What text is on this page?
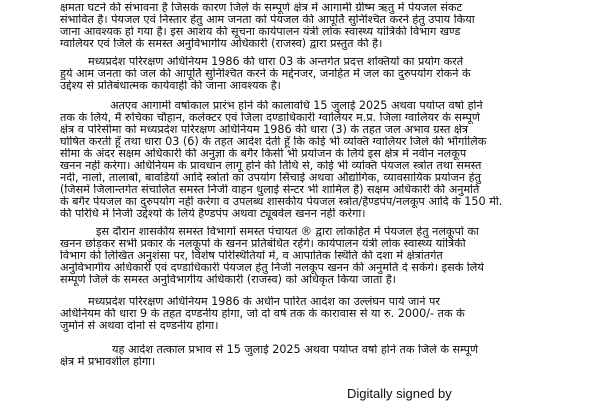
क्षमता घटने की संभावना है जिसके कारण जिले के सम्पूर्ण क्षेत्र में आगामी ग्रीष्म ऋतु में पेयजल संकट
संभावित है। पेयजल एवं निस्तार हेतु आम जनता को पेयजल की आपूर्ति सुनिश्चित करने हेतु उपाय किया
जाना आवश्यक हो गया है। इस आशय की सूचना कार्यपालन यंत्री लोक स्वास्थ्य यांत्रिकी विभाग खण्ड
ग्वालियर एवं जिले के समस्त अनुविभागीय अधिकारी (राजस्व) द्वारा प्रस्तुत की है।
मध्यप्रदेश परिरक्षण अधिनियम 1986 की धारा 03 के अन्तर्गत प्रदत्त शक्तियों का प्रयोग करते
हुये आम जनता को जल की आपूर्ति सुनिश्चित करने के मद्देनजर, जनहित में जल का दुरुपयोग रोकने के
उद्देश्य से प्रतिबंधात्मक कार्यवाही की जाना आवश्यक है।
अतएव आगामी वर्षाकाल प्रारंभ होने की कालावधि 15 जुलाई 2025 अथवा पर्याप्त वर्षा होने
तक के लिये, मैं रुचिका चौहान, कलेक्टर एवं जिला दण्डाधिकारी ग्वालियर म.प्र. जिला ग्वालियर के सम्पूर्ण
क्षेत्र व परिसीमा को मध्यप्रदेश परिरक्षण अधिनियम 1986 की धारा (3) के तहत जल अभाव ग्रस्त क्षेत्र
घोषित करती हूँ तथा धारा 03 (6) के तहत आदेश देती हूँ कि कोई भी व्यक्ति ग्वालियर जिले की भौगोलिक
सीमा के अंदर सक्षम अधिकारी की अनुज्ञा के बगैर किसी भी प्रयोजन के लिये इस क्षेत्र में नवीन नलकूप
खनन नहीं करेगा। अधिनियम के प्रावधान लागू होने की तिथि से, कोई भी व्यक्ति पेयजल स्त्रोत तथा समस्त
नदी, नालो, तालाबों, बावडियों आदि स्त्रोतो का उपयोग सिंचाई अथवा औद्योगिक, व्यावसायिक प्रयोजन हेतु
(जिसमें जिलान्तर्गत संचालित समस्त निजी वाहन धुलाई सेन्टर भी शामिल है) सक्षम अधिकारी की अनुमति
के बगैर पेयजल का दुरुपयोग नहीं करेगा व उपलब्ध शासकीय पेयजल स्त्रोत/हैण्डपंप/नलकूप आदि के 150 मी.
की परिधि में निजी उद्देश्यों के लिये हैण्डपंप अथवा ट्यूबवेल खनन नहीं करेगा।
इस दौरान शासकीय समस्त विभागों समस्त पंचायत ® द्वारा लोकहित में पेयजल हेतु नलकूपों का
खनन छोड़कर सभी प्रकार के नलकूपों के खनन प्रतिबंधित रहेंगे। कार्यपालन यंत्री लोक स्वास्थ्य यांत्रिकी
विभाग की लिखित अनुशंसा पर, विशेष परिस्थितियों में, व आपातिक स्थिति की दशा में क्षेत्रांतर्गत
अनुविभागीय अधिकारी एवं दण्डाधिकारी पेयजल हेतु निजी नलकूप खनन की अनुमति दे सकेंगे। इसके लिये
सम्पूर्ण जिले के समस्त अनुविभागीय अधिकारी (राजस्व) को अधिकृत किया जाता है।
मध्यप्रदेश परिरक्षण अधिनियम 1986 के अधीन पारित आदेश का उल्लंघन पाये जाने पर
अधिनियम की धारा 9 के तहत दण्डनीय होगा, जो दो वर्ष तक के कारावास से या रु. 2000/- तक के
जुर्माने से अथवा दोनो से दण्डनीय होगा।
यह आदेश तत्काल प्रभाव से 15 जुलाई 2025 अथवा पर्याप्त वर्षा होने तक जिले के सम्पूर्ण
क्षेत्र में प्रभावशील होगा।
Digitally signed by
